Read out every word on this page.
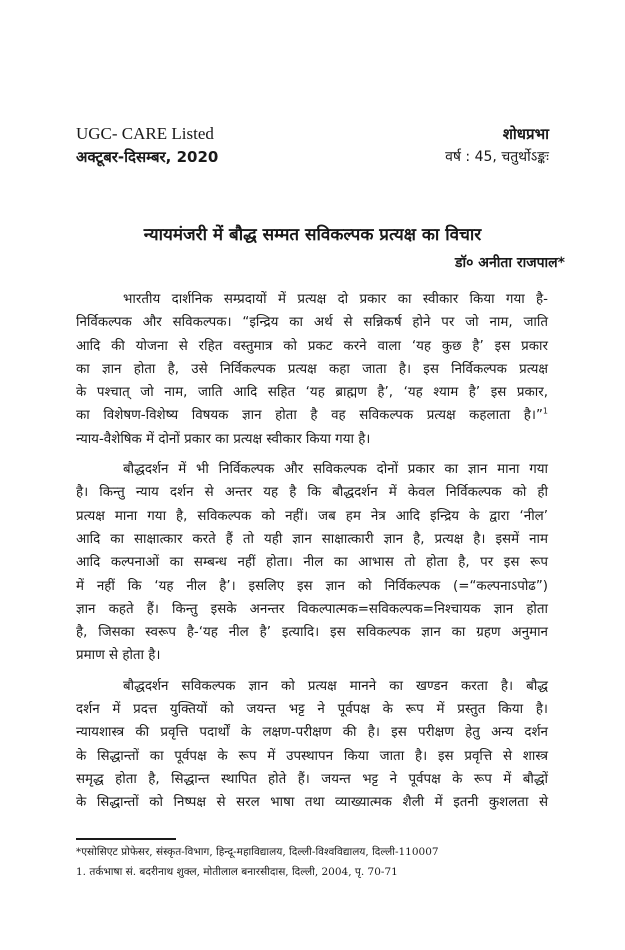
UGC- CARE Listed
अक्टूबर-दिसम्बर, 2020
शोधप्रभा
वर्ष : 45, चतुर्थोऽङ्कः
न्यायमंजरी में बौद्ध सम्मत सविकल्पक प्रत्यक्ष का विचार
डॉ० अनीता राजपाल*
भारतीय दार्शनिक सम्प्रदायों में प्रत्यक्ष दो प्रकार का स्वीकार किया गया है-
निर्विकल्पक और सविकल्पक। “इन्द्रिय का अर्थ से सन्निकर्ष होने पर जो नाम, जाति
आदि की योजना से रहित वस्तुमात्र को प्रकट करने वाला ‘यह कुछ है’ इस प्रकार
का ज्ञान होता है, उसे निर्विकल्पक प्रत्यक्ष कहा जाता है। इस निर्विकल्पक प्रत्यक्ष
के पश्चात् जो नाम, जाति आदि सहित ‘यह ब्राह्मण है’, ‘यह श्याम है’ इस प्रकार,
का विशेषण-विशेष्य विषयक ज्ञान होता है वह सविकल्पक प्रत्यक्ष कहलाता है।”$^1$
न्याय-वैशेषिक में दोनों प्रकार का प्रत्यक्ष स्वीकार किया गया है।
बौद्धदर्शन में भी निर्विकल्पक और सविकल्पक दोनों प्रकार का ज्ञान माना गया
है। किन्तु न्याय दर्शन से अन्तर यह है कि बौद्धदर्शन में केवल निर्विकल्पक को ही
प्रत्यक्ष माना गया है, सविकल्पक को नहीं। जब हम नेत्र आदि इन्द्रिय के द्वारा ‘नील’
आदि का साक्षात्कार करते हैं तो यही ज्ञान साक्षात्कारी ज्ञान है, प्रत्यक्ष है। इसमें नाम
आदि कल्पनाओं का सम्बन्ध नहीं होता। नील का आभास तो होता है, पर इस रूप
में नहीं कि ‘यह नील है’। इसलिए इस ज्ञान को निर्विकल्पक (=“कल्पनाऽपोढ”)
ज्ञान कहते हैं। किन्तु इसके अनन्तर विकल्पात्मक=सविकल्पक=निश्चायक ज्ञान होता
है, जिसका स्वरूप है-‘यह नील है’ इत्यादि। इस सविकल्पक ज्ञान का ग्रहण अनुमान
प्रमाण से होता है।
बौद्धदर्शन सविकल्पक ज्ञान को प्रत्यक्ष मानने का खण्डन करता है। बौद्ध
दर्शन में प्रदत्त युक्तियों को जयन्त भट्ट ने पूर्वपक्ष के रूप में प्रस्तुत किया है।
न्यायशास्त्र की प्रवृत्ति पदार्थों के लक्षण-परीक्षण की है। इस परीक्षण हेतु अन्य दर्शन
के सिद्धान्तों का पूर्वपक्ष के रूप में उपस्थापन किया जाता है। इस प्रवृत्ति से शास्त्र
समृद्ध होता है, सिद्धान्त स्थापित होते हैं। जयन्त भट्ट ने पूर्वपक्ष के रूप में बौद्धों
के सिद्धान्तों को निष्पक्ष से सरल भाषा तथा व्याख्यात्मक शैली में इतनी कुशलता से
*एसोसिएट प्रोफेसर, संस्कृत-विभाग, हिन्दू-महाविद्यालय, दिल्ली-विश्वविद्यालय, दिल्ली-110007
1. तर्कभाषा सं. बदरीनाथ शुक्ल, मोतीलाल बनारसीदास, दिल्ली, 2004, पृ. 70-71
